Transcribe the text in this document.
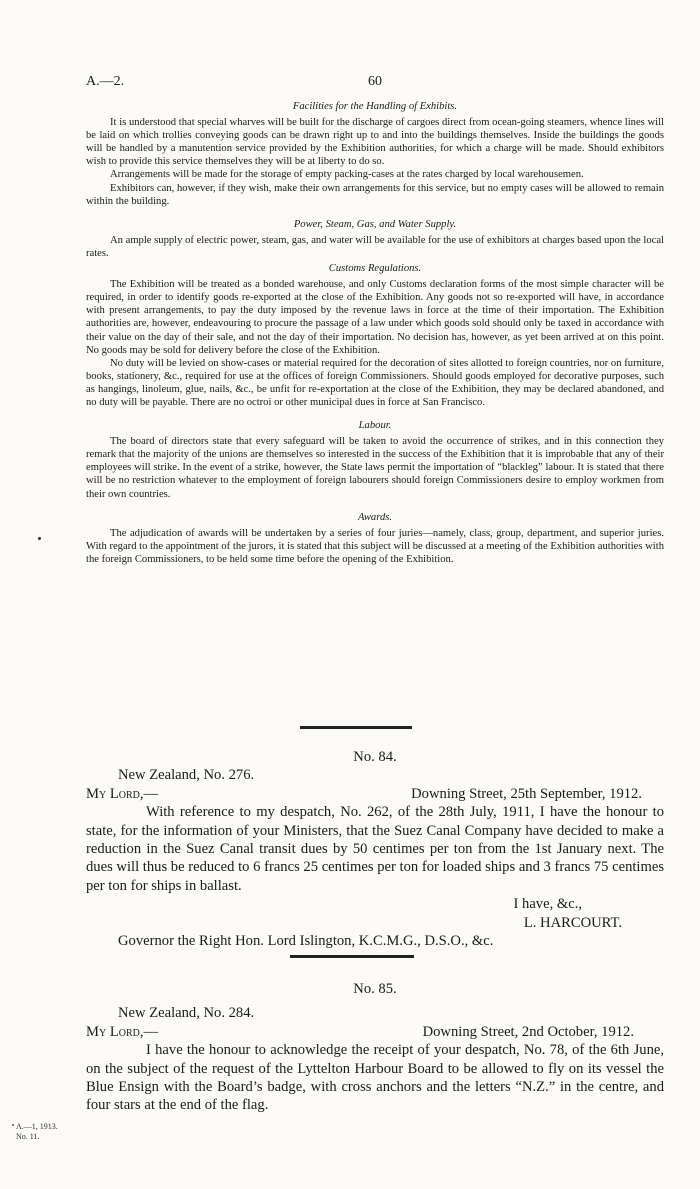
A.—2.	60

Facilities for the Handling of Exhibits.

It is understood that special wharves will be built for the discharge of cargoes direct from ocean-going steamers, whence lines will be laid on which trollies conveying goods can be drawn right up to and into the buildings themselves. Inside the buildings the goods will be handled by a manutention service provided by the Exhibition authorities, for which a charge will be made. Should exhibitors wish to provide this service themselves they will be at liberty to do so.

Arrangements will be made for the storage of empty packing-cases at the rates charged by local warehousemen.

Exhibitors can, however, if they wish, make their own arrangements for this service, but no empty cases will be allowed to remain within the building.

Power, Steam, Gas, and Water Supply.

An ample supply of electric power, steam, gas, and water will be available for the use of exhibitors at charges based upon the local rates.

Customs Regulations.

The Exhibition will be treated as a bonded warehouse, and only Customs declaration forms of the most simple character will be required, in order to identify goods re-exported at the close of the Exhibition. Any goods not so re-exported will have, in accordance with present arrangements, to pay the duty imposed by the revenue laws in force at the time of their importation. The Exhibition authorities are, however, endeavouring to procure the passage of a law under which goods sold should only be taxed in accordance with their value on the day of their sale, and not the day of their importation. No decision has, however, as yet been arrived at on this point. No goods may be sold for delivery before the close of the Exhibition.

No duty will be levied on show-cases or material required for the decoration of sites allotted to foreign countries, nor on furniture, books, stationery, &c., required for use at the offices of foreign Commissioners. Should goods employed for decorative purposes, such as hangings, linoleum, glue, nails, &c., be unfit for re-exportation at the close of the Exhibition, they may be declared abandoned, and no duty will be payable. There are no octroi or other municipal dues in force at San Francisco.

Labour.

The board of directors state that every safeguard will be taken to avoid the occurrence of strikes, and in this connection they remark that the majority of the unions are themselves so interested in the success of the Exhibition that it is improbable that any of their employees will strike. In the event of a strike, however, the State laws permit the importation of “blackleg” labour. It is stated that there will be no restriction whatever to the employment of foreign labourers should foreign Commissioners desire to employ workmen from their own countries.

Awards.

The adjudication of awards will be undertaken by a series of four juries—namely, class, group, department, and superior juries. With regard to the appointment of the jurors, it is stated that this subject will be discussed at a meeting of the Exhibition authorities with the foreign Commissioners, to be held some time before the opening of the Exhibition.

No. 84.
New Zealand, No. 276.
My Lord,—	Downing Street, 25th September, 1912.

With reference to my despatch, No. 262, of the 28th July, 1911, I have the honour to state, for the information of your Ministers, that the Suez Canal Company have decided to make a reduction in the Suez Canal transit dues by 50 centimes per ton from the 1st January next. The dues will thus be reduced to 6 francs 25 centimes per ton for loaded ships and 3 francs 75 centimes per ton for ships in ballast.

I have, &c.,
L. HARCOURT.
Governor the Right Hon. Lord Islington, K.C.M.G., D.S.O., &c.
No. 85.
New Zealand, No. 284.
My Lord,—	Downing Street, 2nd October, 1912.

I have the honour to acknowledge the receipt of your despatch, No. 78, of the 6th June, on the subject of the request of the Lyttelton Harbour Board to be allowed to fly on its vessel the Blue Ensign with the Board’s badge, with cross anchors and the letters “N.Z.” in the centre, and four stars at the end of the flag.

A.—1, 1913. No. 11.
